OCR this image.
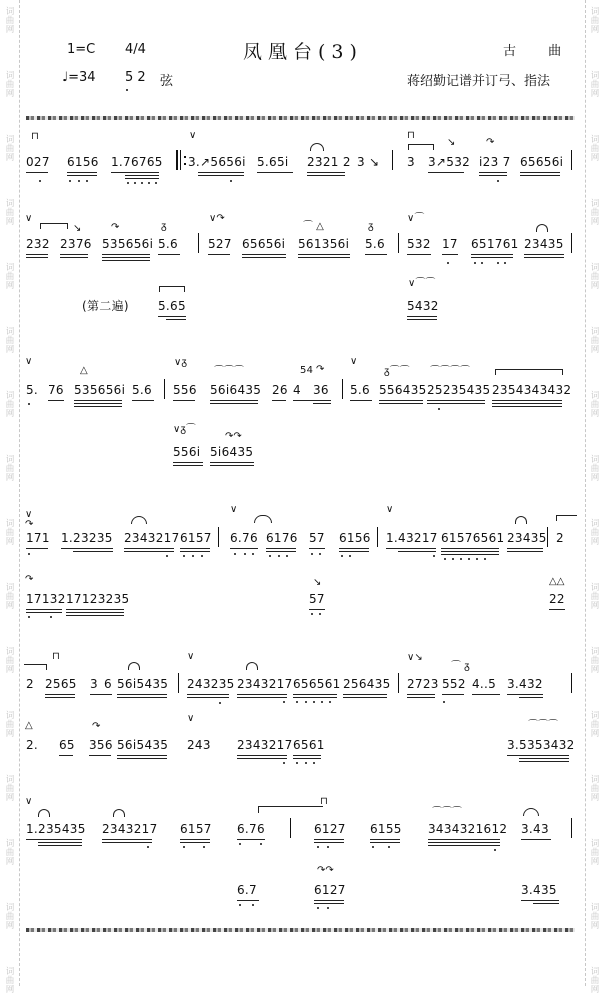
词
曲
网
词
曲
网
词
曲
网
词
曲
网
词
曲
网
词
曲
网
词
曲
网
词
曲
网
词
曲
网
词
曲
网
词
曲
网
词
曲
网
词
曲
网
词
曲
网
词
曲
网
词
曲
网
词
曲
网
词
曲
网
词
曲
网
词
曲
网
词
曲
网
词
曲
网
词
曲
网
词
曲
网
词
曲
网
词
曲
网
词
曲
网
词
曲
网
词
曲
网
词
曲
网
词
曲
网
词
曲
网
1=C 4/4	凤凰台(3)	古 曲
♩=34 5 2 弦	蒋绍勤记谱并订弓、指法
⊓
027 6156 1.76765
∨
3.↗5656i 5.65i 2321 2 3 ↘
⊓
3
↘
3↗532
↷
i23 7 65656i
∨
232
↘
2376
↷
535656i
ᵹ
5.6
∨↷
527 65656i
⌒ △
561356i
ᵹ
5.6
∨⌒
532 17 651761 23435
(第二遍) 5.65
∨⌒⌒
5432
∨
5. 76
△
535656i 5.6
∨ᵹ
556
⌒⌒⌒
56i6435 26
54 ↷
4 36
∨
5.6
ᵹ⌒⌒
556435
⌒⌒⌒⌒
25235435 2354343432
∨ᵹ⌒
556i
↷↷
5i6435
∨
↷
171 1.23235 2343217 6157
∨
6.76 6176 57 6156
∨
1.43217 61576561 23435 2
↷
17132 17123235
↘
57
△△
22
⊓
2 2565 3 6 56i5435
∨
243235 2343217 656561 256435
∨↘
2723
⌒ ᵹ
552 4..5 3.432
△
2. 65
↷
356 56i5435
∨
243 2343217 6561
⌒⌒⌒
3.5353432
∨
1.235435 2343217 6157
⊓
6.76	6127 6155
⌒⌒⌒
3434321612 3.43
6.7
↷↷
6127	3.435
